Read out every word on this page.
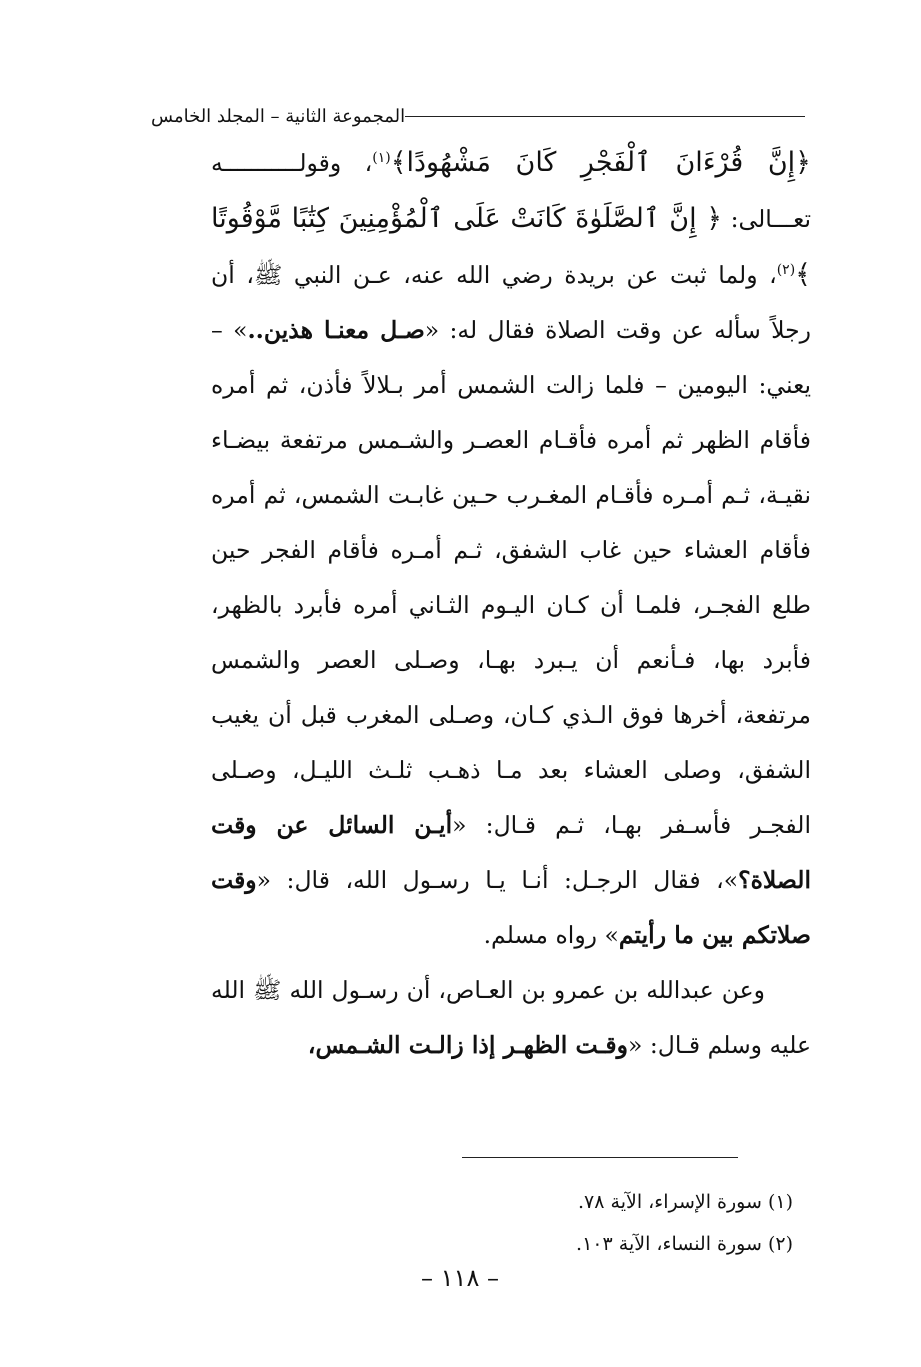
المجموعة الثانية – المجلد الخامس

﴿إِنَّ قُرْءَانَ ٱلْفَجْرِ كَانَ مَشْهُودًا﴾$^{(١)}$، وقولـــــــــــه تعـــالى: ﴿ إِنَّ ٱلصَّلَوٰةَ كَانَتْ عَلَى ٱلْمُؤْمِنِينَ كِتَٰبًا مَّوْقُوتًا ﴾$^{(٢)}$، ولما ثبت عن بريدة رضي الله عنه، عـن النبي ﷺ، أن رجلاً سأله عن وقت الصلاة فقال له: «صـل معنـا هذين..» – يعني: اليومين – فلما زالت الشمس أمر بـلالاً فأذن، ثم أمره فأقام الظهر ثم أمره فأقـام العصـر والشـمس مرتفعة بيضـاء نقيـة، ثـم أمـره فأقـام المغـرب حـين غابـت الشمس، ثم أمره فأقام العشاء حين غاب الشفق، ثـم أمـره فأقام الفجر حين طلع الفجـر، فلمـا أن كـان اليـوم الثـاني أمره فأبرد بالظهر، فأبرد بها، فـأنعم أن يـبرد بهـا، وصـلى العصر والشمس مرتفعة، أخرها فوق الـذي كـان، وصـلى المغرب قبل أن يغيب الشفق، وصلى العشاء بعد مـا ذهـب ثلـث الليـل، وصـلى الفجـر فأسـفر بهـا، ثـم قـال: «أيـن السائل عن وقت الصلاة؟»، فقال الرجـل: أنـا يـا رسـول الله، قال: «وقت صلاتكم بين ما رأيتم» رواه مسلم.

وعن عبدالله بن عمرو بن العـاص، أن رسـول الله ﷺ الله عليه وسلم قـال: «وقـت الظهـر إذا زالـت الشـمس،

(١) سورة الإسراء، الآية ٧٨.

(٢) سورة النساء، الآية ١٠٣.

– ١١٨ –
